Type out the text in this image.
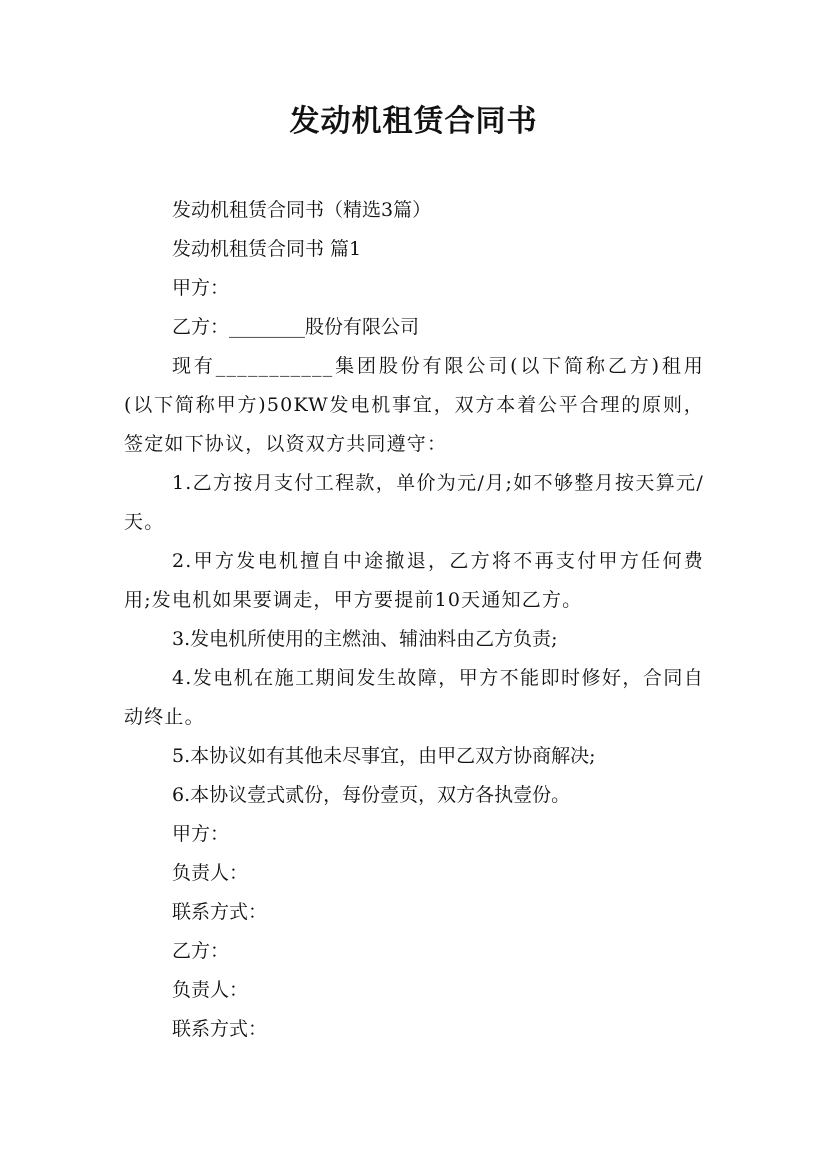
发动机租赁合同书

发动机租赁合同书（精选3篇）

发动机租赁合同书 篇1

甲方：

乙方：________股份有限公司

现有___________集团股份有限公司(以下简称乙方)租用 (以下简称甲方)50KW发电机事宜，双方本着公平合理的原则，签定如下协议，以资双方共同遵守：

1.乙方按月支付工程款，单价为元/月;如不够整月按天算元/天。

2.甲方发电机擅自中途撤退，乙方将不再支付甲方任何费用;发电机如果要调走，甲方要提前10天通知乙方。

3.发电机所使用的主燃油、辅油料由乙方负责;

4.发电机在施工期间发生故障，甲方不能即时修好，合同自动终止。

5.本协议如有其他未尽事宜，由甲乙双方协商解决;

6.本协议壹式贰份，每份壹页，双方各执壹份。

甲方：

负责人：

联系方式：

乙方：

负责人：

联系方式：
